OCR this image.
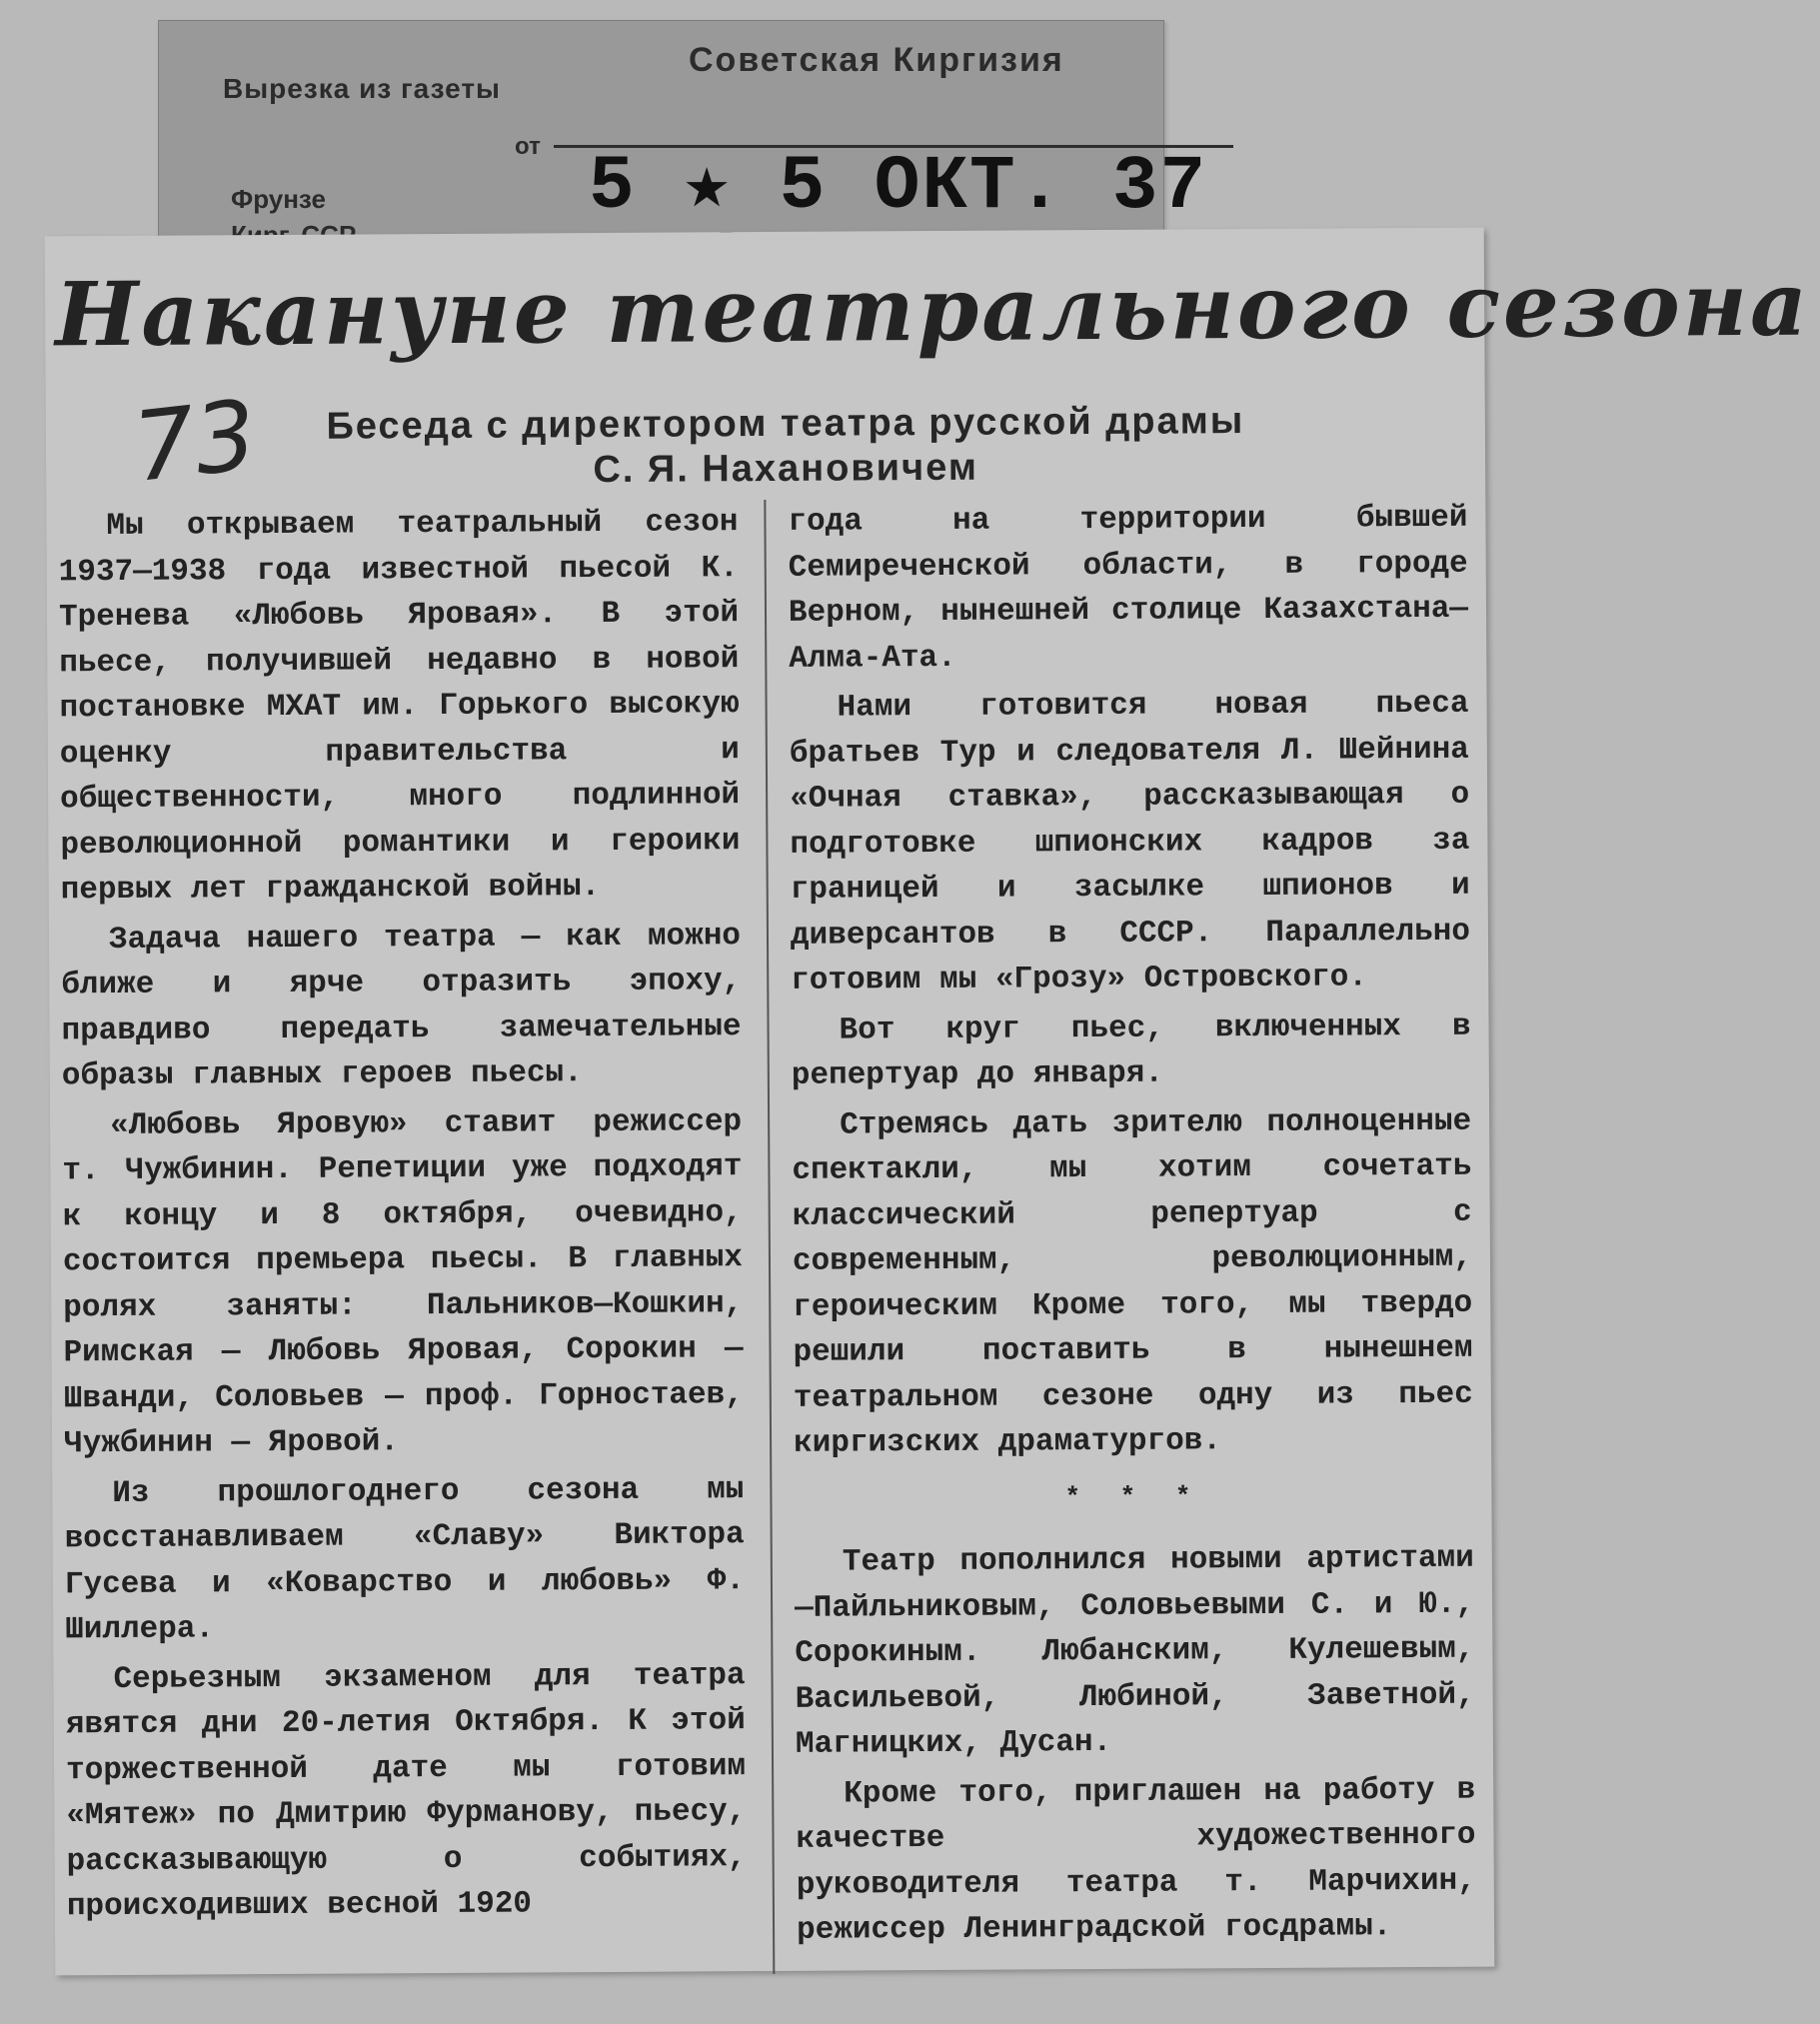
Вырезка из газеты
Советская Киргизия
Фрунзе
от 5 ★ 5 ОКТ. 37
Накануне театрального сезона
73	Беседа с директором театра русской драмы
С. Я. Нахановичем

Мы открываем театральный сезон 1937—1938 года известной пьесой К. Тренева «Любовь Яровая». В этой пьесе, получившей недавно в новой постановке МХАТ им. Горького высокую оценку правительства и общественности, много подлинной революционной романтики и героики первых лет гражданской войны.

Задача нашего театра — как можно ближе и ярче отразить эпоху, правдиво передать замечательные образы главных героев пьесы.

«Любовь Яровую» ставит режиссер т. Чужбинин. Репетиции уже подходят к концу и 8 октября, очевидно, состоится премьера пьесы. В главных ролях заняты: Пальников—Кошкин, Римская — Любовь Яровая, Сорокин — Шванди, Соловьев — проф. Горностаев, Чужбинин — Яровой.

Из прошлогоднего сезона мы восстанавливаем «Славу» Виктора Гусева и «Коварство и любовь» Ф. Шиллера.

Серьезным экзаменом для театра явятся дни 20-летия Октября. К этой торжественной дате мы готовим «Мятеж» по Дмитрию Фурманову, пьесу, рассказывающую о событиях, происходивших весной 1920

года на территории бывшей Семиреченской области, в городе Верном, нынешней столице Казахстана—Алма-Ата.

Нами готовится новая пьеса братьев Тур и следователя Л. Шейнина «Очная ставка», рассказывающая о подготовке шпионских кадров за границей и засылке шпионов и диверсантов в СССР. Параллельно готовим мы «Грозу» Островского.

Вот круг пьес, включенных в репертуар до января.

Стремясь дать зрителю полноценные спектакли, мы хотим сочетать классический репертуар с современным, революционным, героическим Кроме того, мы твердо решили поставить в нынешнем театральном сезоне одну из пьес киргизских драматургов.

* * *

Театр пополнился новыми артистами—Пайльниковым, Соловьевыми С. и Ю., Сорокиным. Любанским, Кулешевым, Васильевой, Любиной, Заветной, Магницких, Дусан.

Кроме того, приглашен на работу в качестве художественного руководителя театра т. Марчихин, режиссер Ленинградской госдрамы.
